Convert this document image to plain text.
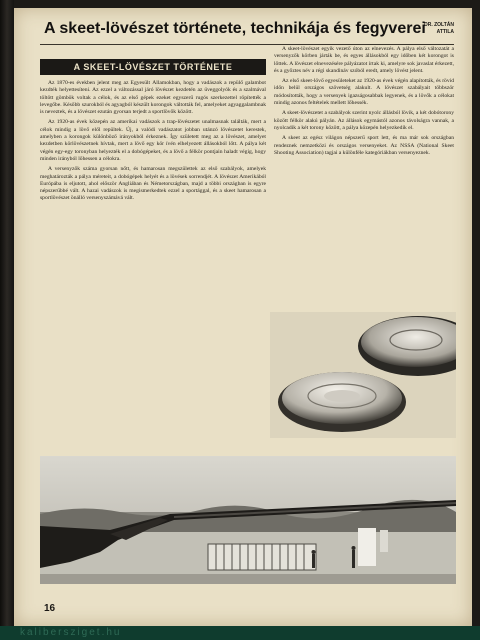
A skeet-lövészet története, technikája és fegyverei
DR. ZOLTÁN ATTILA
A SKEET-LÖVÉSZET TÖRTÉNETE

Az 1870-es években jelent meg az Egyesült Államokban, hogy a vadászok a repülő galambot kezdték helyettesíteni. Az ezzel a változással járó lövészet kezdetén az üveggolyók és a szalmával töltött gömbök voltak a célok, és az első gépek ezeket egyszerű rugós szerkezettel röpítették a levegőbe. Később szurokból és agyagból készült korongok váltották fel, amelyeket agyaggalambnak is neveztek, és a lövészet ezután gyorsan terjedt a sportlövők között.

Az 1920-as évek közepén az amerikai vadászok a trap-lövészetet unalmasnak találták, mert a célok mindig a lövő elől repültek. Új, a valódi vadászatot jobban utánzó lövészetet kerestek, amelyben a korongok különböző irányokból érkeznek. Így született meg az a lövészet, amelyet kezdetben körlövészetnek hívtak, mert a lövő egy kör ívén elhelyezett állásokból lőtt. A pálya két végén egy-egy toronyban helyezték el a dobógépeket, és a lövő a félkör pontjain haladt végig, hogy minden irányból lőhessen a célokra.

A versenyzők száma gyorsan nőtt, és hamarosan megszülettek az első szabályok, amelyek meghatározták a pálya méreteit, a dobógépek helyét és a lövések sorrendjét. A lövészet Amerikából Európába is eljutott, ahol először Angliában és Németországban, majd a többi országban is egyre népszerűbbé vált. A hazai vadászok is megismerkedtek ezzel a sportággal, és a skeet hamarosan a sportlövészet önálló versenyszámává vált.

A skeet-lövészet egyik vezető úton az elnevezés. A pálya első változatát a versenyzők körben járták be, és egyes állásokból egy időben két korongot is lőttek. A lövészet elnevezésére pályázatot írtak ki, amelyre sok javaslat érkezett, és a győztes név a régi skandináv szóból eredt, amely lövést jelent.

Az első skeet-lövő egyesületeket az 1920-as évek végén alapították, és rövid időn belül országos szövetség alakult. A lövészet szabályait többször módosították, hogy a versenyek igazságosabbak legyenek, és a lövők a célokat mindig azonos feltételek mellett lőhessék.

A skeet-lövészetet a szabályok szerint nyolc állásból lövik, a két dobótorony között félkör alakú pályán. Az állások egymástól azonos távolságra vannak, a nyolcadik a két torony között, a pálya közepén helyezkedik el.

A skeet az egész világon népszerű sport lett, és ma már sok országban rendeznek nemzetközi és országos versenyeket. Az NSSA (National Skeet Shooting Association) tagjai a különféle kategóriákban versenyeznek.

16
kalibersziget.hu
